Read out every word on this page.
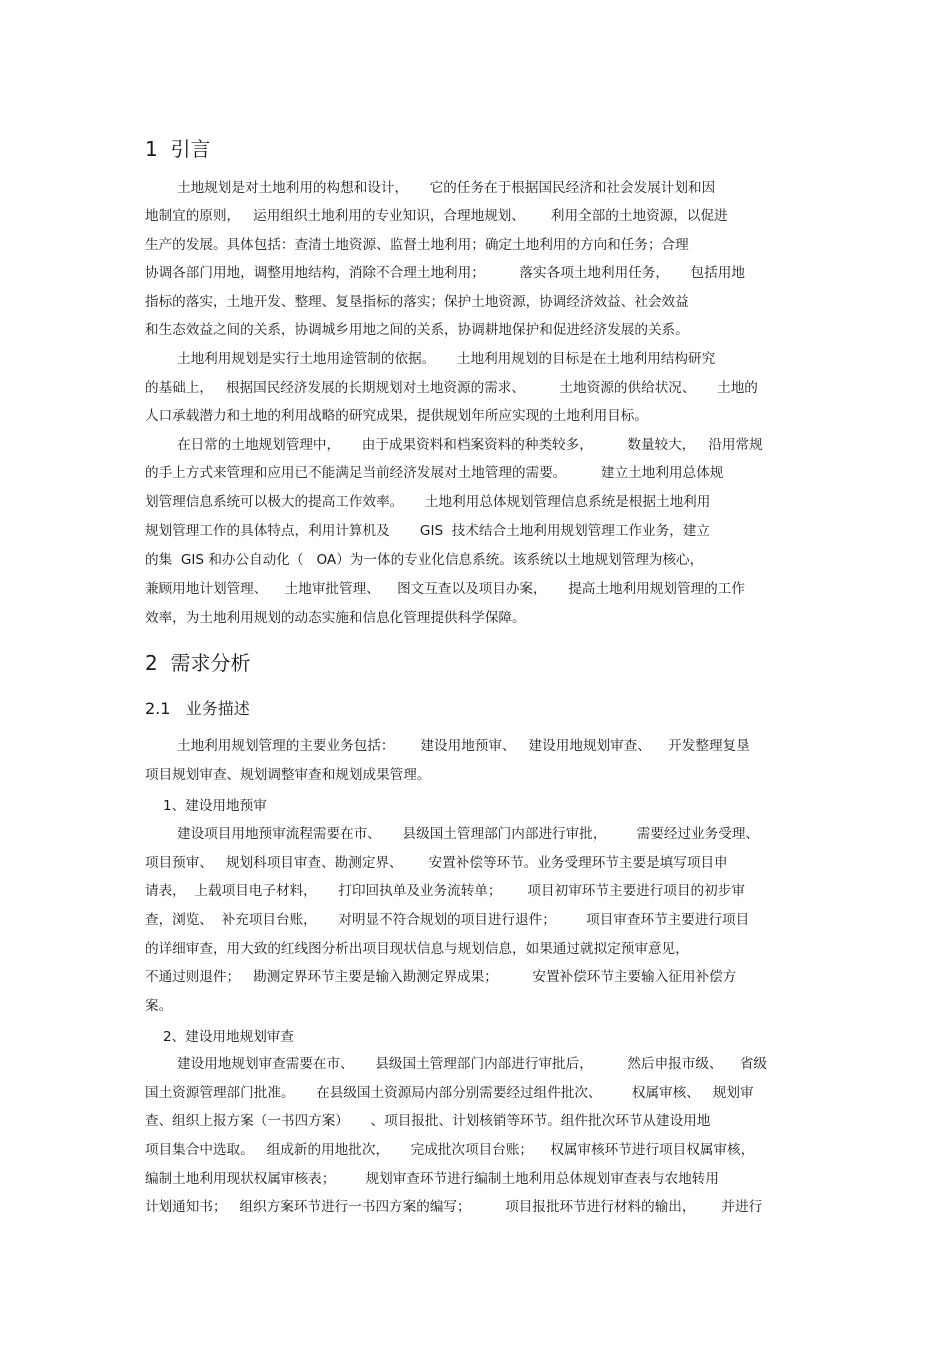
1  引言
土地规划是对土地利用的构想和设计，     它的任务在于根据国民经济和社会发展计划和因
地制宜的原则，   运用组织土地利用的专业知识，合理地规划、      利用全部的土地资源，以促进
生产的发展。具体包括：查清土地资源、监督土地利用；确定土地利用的方向和任务；合理
协调各部门用地，调整用地结构，消除不合理土地利用；        落实各项土地利用任务，     包括用地
指标的落实，土地开发、整理、复垦指标的落实；保护土地资源，协调经济效益、社会效益
和生态效益之间的关系，协调城乡用地之间的关系，协调耕地保护和促进经济发展的关系。
土地利用规划是实行土地用途管制的依据。     土地利用规划的目标是在土地利用结构研究
的基础上，   根据国民经济发展的长期规划对土地资源的需求、        土地资源的供给状况、     土地的
人口承载潜力和土地的利用战略的研究成果，提供规划年所应实现的土地利用目标。
在日常的土地规划管理中，     由于成果资料和档案资料的种类较多，        数量较大，   沿用常规
的手上方式来管理和应用已不能满足当前经济发展对土地管理的需要。        建立土地利用总体规
划管理信息系统可以极大的提高工作效率。     土地利用总体规划管理信息系统是根据土地利用
规划管理工作的具体特点，利用计算机及       GIS  技术结合土地利用规划管理工作业务，建立
的集  GIS 和办公自动化（   OA）为一体的专业化信息系统。该系统以土地规划管理为核心，
兼顾用地计划管理、    土地审批管理、    图文互查以及项目办案，     提高土地利用规划管理的工作
效率，为土地利用规划的动态实施和信息化管理提供科学保障。
2  需求分析
2.1   业务描述
土地利用规划管理的主要业务包括：      建设用地预审、   建设用地规划审查、    开发整理复垦
项目规划审查、规划调整审查和规划成果管理。
1、建设用地预审
建设项目用地预审流程需要在市、     县级国土管理部门内部进行审批，       需要经过业务受理、
项目预审、   规划科项目审查、勘测定界、      安置补偿等环节。业务受理环节主要是填写项目申
请表，  上载项目电子材料，     打印回执单及业务流转单；      项目初审环节主要进行项目的初步审
查，浏览、  补充项目台账，     对明显不符合规划的项目进行退件；       项目审查环节主要进行项目
的详细审查，用大致的红线图分析出项目现状信息与规划信息，如果通过就拟定预审意见，
不通过则退件；   勘测定界环节主要是输入勘测定界成果；        安置补偿环节主要输入征用补偿方
案。
2、建设用地规划审查
建设用地规划审查需要在市、     县级国土管理部门内部进行审批后，        然后申报市级、    省级
国土资源管理部门批准。     在县级国土资源局内部分别需要经过组件批次、       权属审核、   规划审
查、组织上报方案（一书四方案）     、项目报批、计划核销等环节。组件批次环节从建设用地
项目集合中选取。   组成新的用地批次，     完成批次项目台账；    权属审核环节进行项目权属审核，
编制土地利用现状权属审核表；       规划审查环节进行编制土地利用总体规划审查表与农地转用
计划通知书；   组织方案环节进行一书四方案的编写；        项目报批环节进行材料的输出，      并进行
